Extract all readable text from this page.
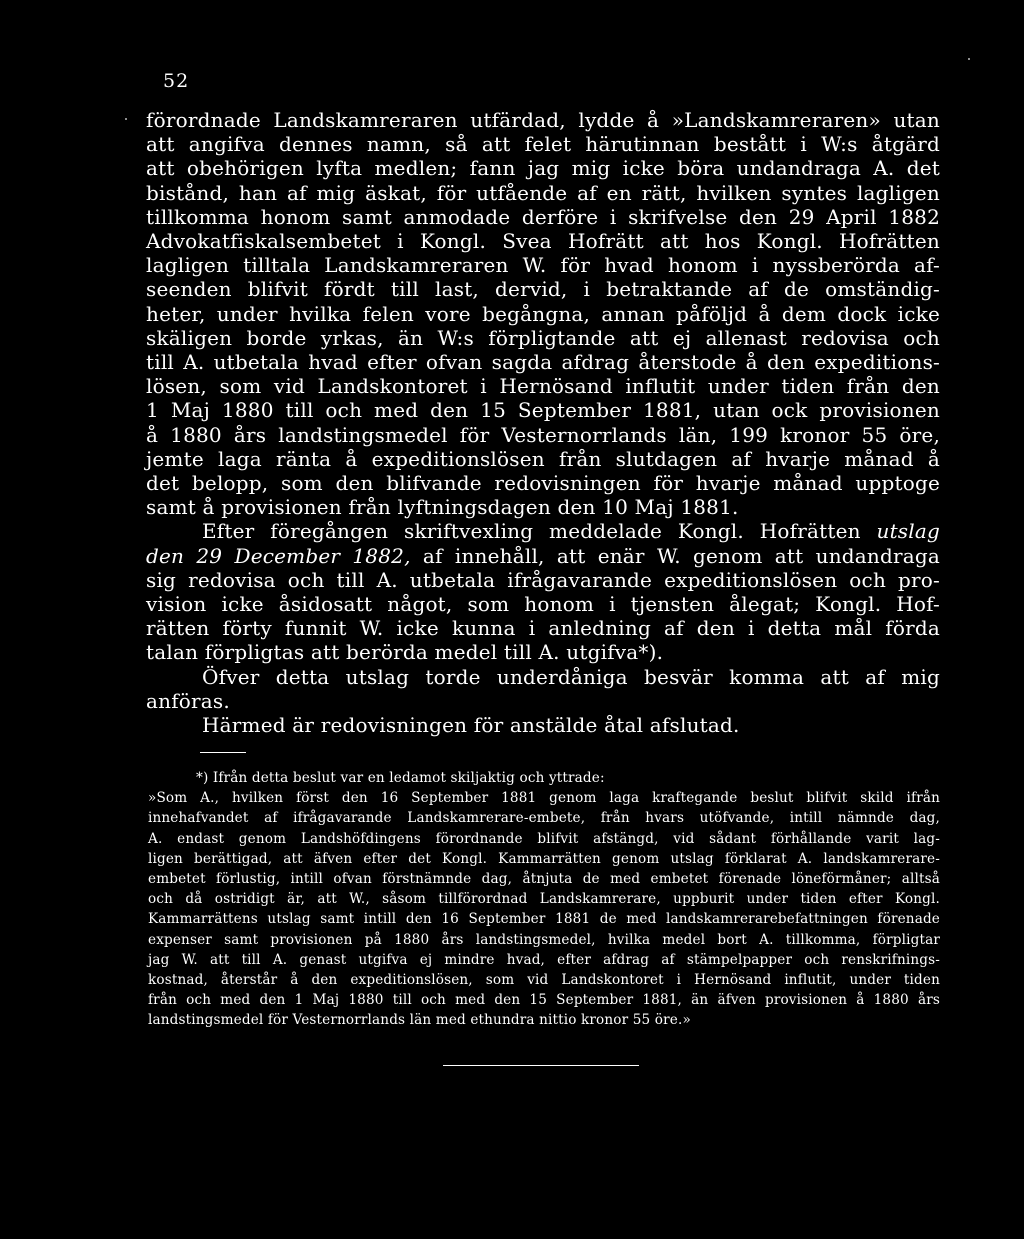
52
förordnade Landskamreraren utfärdad, lydde å »Landskamreraren» utan
att angifva dennes namn, så att felet härutinnan bestått i W:s åtgärd
att obehörigen lyfta medlen; fann jag mig icke böra undandraga A. det
bistånd, han af mig äskat, för utfående af en rätt, hvilken syntes lagligen
tillkomma honom samt anmodade derföre i skrifvelse den 29 April 1882
Advokatfiskalsembetet i Kongl. Svea Hofrätt att hos Kongl. Hofrätten
lagligen tilltala Landskamreraren W. för hvad honom i nyssberörda af-
seenden blifvit fördt till last, dervid, i betraktande af de omständig-
heter, under hvilka felen vore begångna, annan påföljd å dem dock icke
skäligen borde yrkas, än W:s förpligtande att ej allenast redovisa och
till A. utbetala hvad efter ofvan sagda afdrag återstode å den expeditions-
lösen, som vid Landskontoret i Hernösand influtit under tiden från den
1 Maj 1880 till och med den 15 September 1881, utan ock provisionen
å 1880 års landstingsmedel för Vesternorrlands län, 199 kronor 55 öre,
jemte laga ränta å expeditionslösen från slutdagen af hvarje månad å
det belopp, som den blifvande redovisningen för hvarje månad upptoge
samt å provisionen från lyftningsdagen den 10 Maj 1881.
Efter föregången skriftvexling meddelade Kongl. Hofrätten utslag
den 29 December 1882, af innehåll, att enär W. genom att undandraga
sig redovisa och till A. utbetala ifrågavarande expeditionslösen och pro-
vision icke åsidosatt något, som honom i tjensten ålegat; Kongl. Hof-
rätten förty funnit W. icke kunna i anledning af den i detta mål förda
talan förpligtas att berörda medel till A. utgifva*).
Öfver detta utslag torde underdåniga besvär komma att af mig
anföras.
Härmed är redovisningen för anstälde åtal afslutad.
*) Ifrån detta beslut var en ledamot skiljaktig och yttrade:
»Som A., hvilken först den 16 September 1881 genom laga kraftegande beslut blifvit skild ifrån
innehafvandet af ifrågavarande Landskamrerare-embete, från hvars utöfvande, intill nämnde dag,
A. endast genom Landshöfdingens förordnande blifvit afstängd, vid sådant förhållande varit lag-
ligen berättigad, att äfven efter det Kongl. Kammarrätten genom utslag förklarat A. landskamrerare-
embetet förlustig, intill ofvan förstnämnde dag, åtnjuta de med embetet förenade löneförmåner; alltså
och då ostridigt är, att W., såsom tillförordnad Landskamrerare, uppburit under tiden efter Kongl.
Kammarrättens utslag samt intill den 16 September 1881 de med landskamrerarebefattningen förenade
expenser samt provisionen på 1880 års landstingsmedel, hvilka medel bort A. tillkomma, förpligtar
jag W. att till A. genast utgifva ej mindre hvad, efter afdrag af stämpelpapper och renskrifnings-
kostnad, återstår å den expeditionslösen, som vid Landskontoret i Hernösand influtit, under tiden
från och med den 1 Maj 1880 till och med den 15 September 1881, än äfven provisionen å 1880 års
landstingsmedel för Vesternorrlands län med ethundra nittio kronor 55 öre.»
